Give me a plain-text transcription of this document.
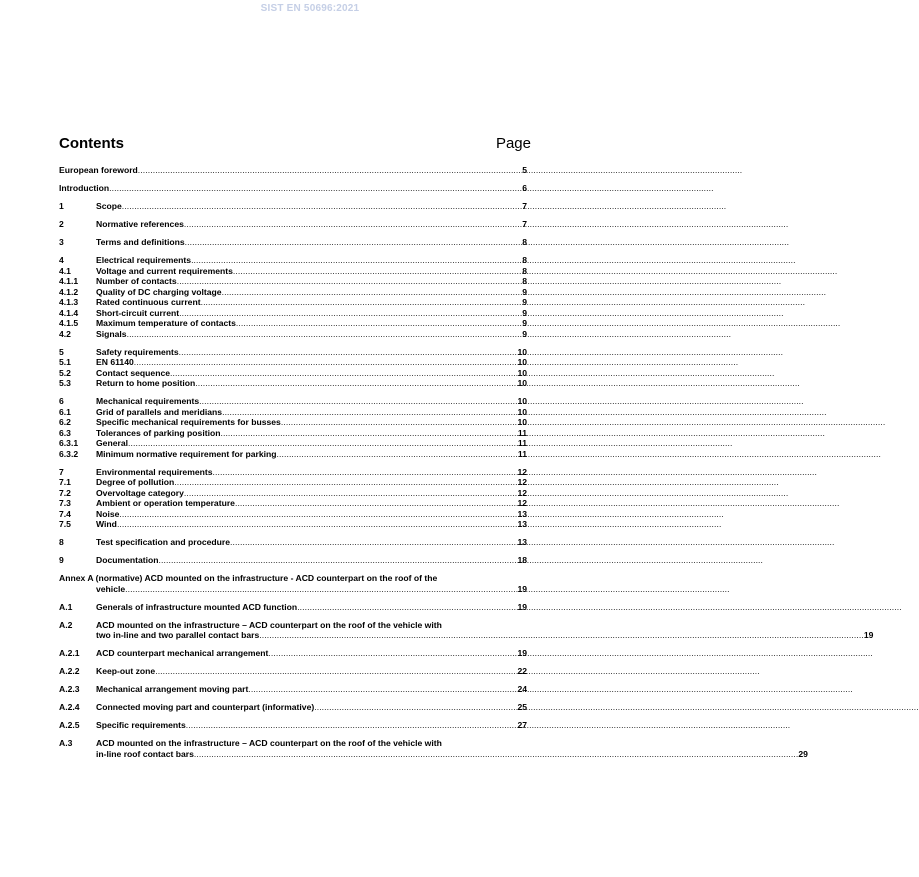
SIST EN 50696:2021
Contents	Page
European foreword .....	5
Introduction .....	6
1	Scope .....	7
2	Normative references .....	7
3	Terms and definitions .....	8
4	Electrical requirements .....	8
4.1	Voltage and current requirements .....	8
4.1.1	Number of contacts .....	8
4.1.2	Quality of DC charging voltage .....	9
4.1.3	Rated continuous current .....	9
4.1.4	Short-circuit current .....	9
4.1.5	Maximum temperature of contacts .....	9
4.2	Signals .....	9
5	Safety requirements .....	10
5.1	EN 61140 .....	10
5.2	Contact sequence .....	10
5.3	Return to home position .....	10
6	Mechanical requirements .....	10
6.1	Grid of parallels and meridians .....	10
6.2	Specific mechanical requirements for busses .....	10
6.3	Tolerances of parking position .....	11
6.3.1	General .....	11
6.3.2	Minimum normative requirement for parking .....	11
7	Environmental requirements .....	12
7.1	Degree of pollution .....	12
7.2	Overvoltage category .....	12
7.3	Ambient or operation temperature .....	12
7.4	Noise .....	13
7.5	Wind .....	13
8	Test specification and procedure .....	13
9	Documentation .....	18
Annex A (normative) ACD mounted on the infrastructure - ACD counterpart on the roof of the
vehicle .....	19
A.1	Generals of infrastructure mounted ACD function .....	19
A.2	ACD mounted on the infrastructure – ACD counterpart on the roof of the vehicle with
two in-line and two parallel contact bars .....	19
A.2.1	ACD counterpart mechanical arrangement .....	19
A.2.2	Keep-out zone .....	22
A.2.3	Mechanical arrangement moving part .....	24
A.2.4	Connected moving part and counterpart (informative) .....	25
A.2.5	Specific requirements .....	27
A.3	ACD mounted on the infrastructure – ACD counterpart on the roof of the vehicle with
in-line roof contact bars .....	29
